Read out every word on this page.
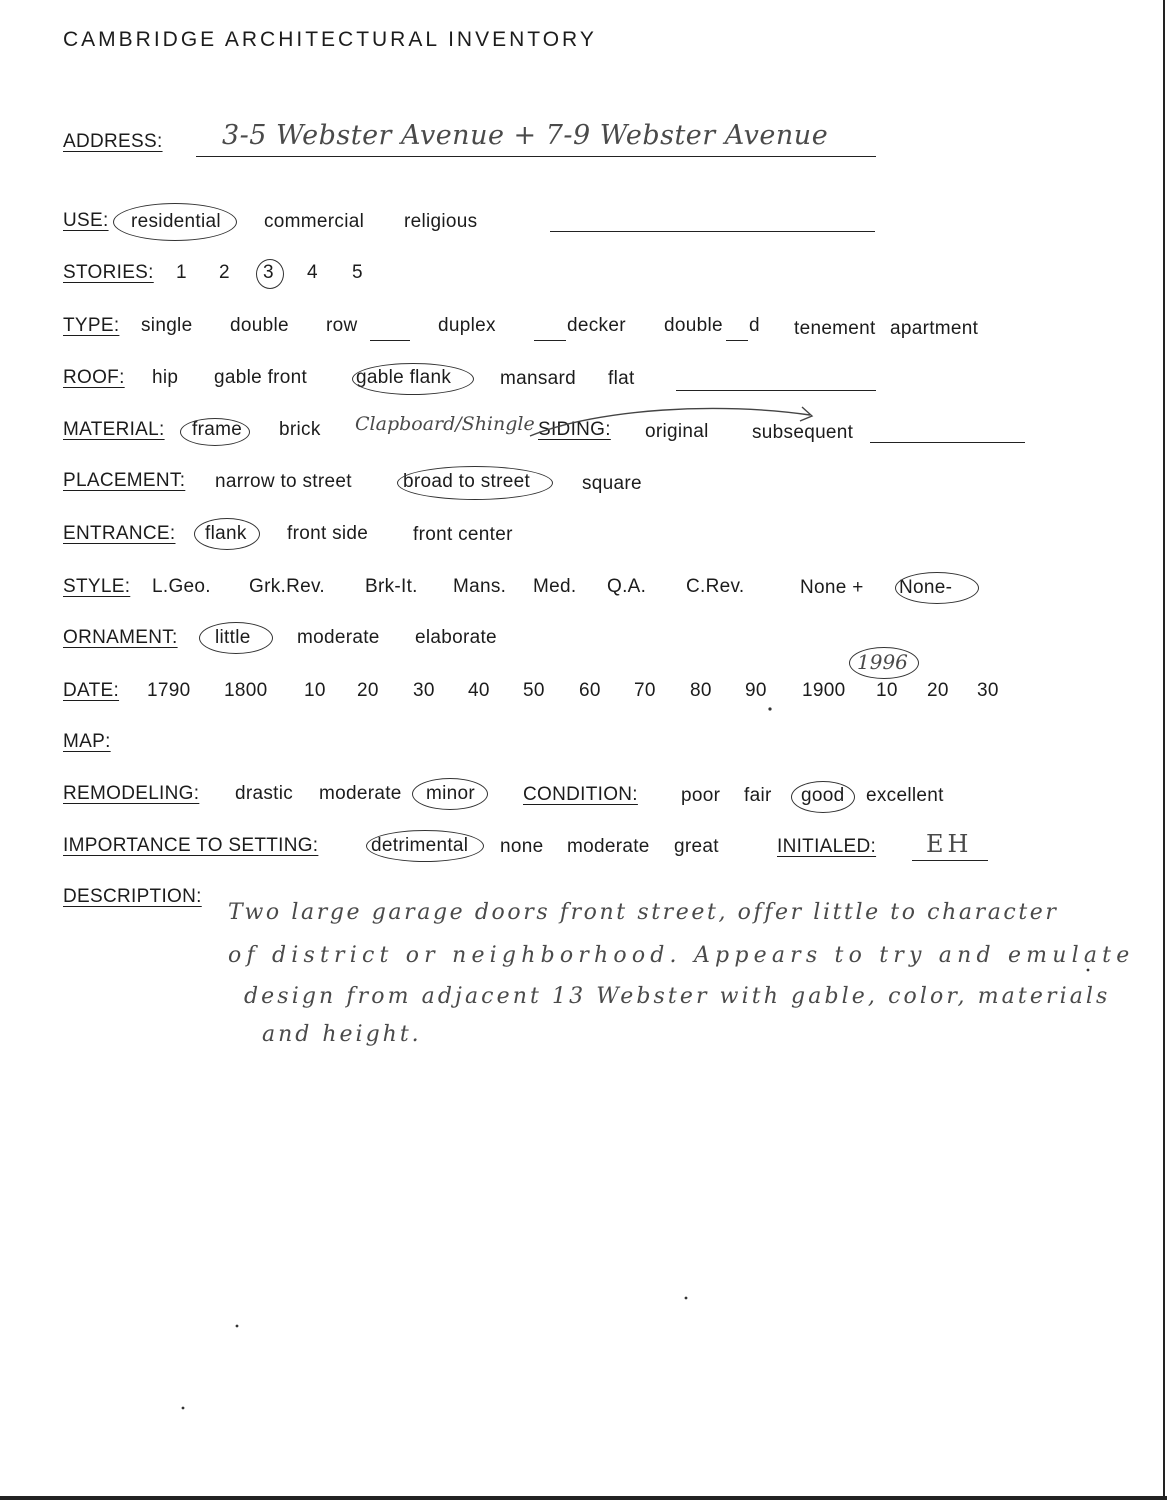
CAMBRIDGE ARCHITECTURAL INVENTORY
ADDRESS: 3-5 Webster Avenue + 7-9 Webster Avenue
USE: residential commercial religious
STORIES: 1 2 3 4 5
TYPE: single double row	duplex	decker double d tenement apartment
ROOF: hip gable front	gable flank	mansard flat
MATERIAL: frame brick Clapboard/Shingle SIDING: original subsequent
PLACEMENT: narrow to street	broad to street	square
ENTRANCE: flank front side front center
STYLE: L.Geo. Grk.Rev. Brk-It. Mans. Med. Q.A. C.Rev.	None + None-
ORNAMENT: little moderate elaborate
DATE: 1790 1800 10 20 30 40 50 60 70 80 90 1900 10 20 30
1996
MAP:
REMODELING: drastic moderate minor	CONDITION: poor fair good excellent
IMPORTANCE TO SETTING:	detrimental none moderate great	INITIALED: EH
DESCRIPTION:
Two large garage doors front street, offer little to character
of district or neighborhood. Appears to try and emulate
design from adjacent 13 Webster with gable, color, materials
and height.
